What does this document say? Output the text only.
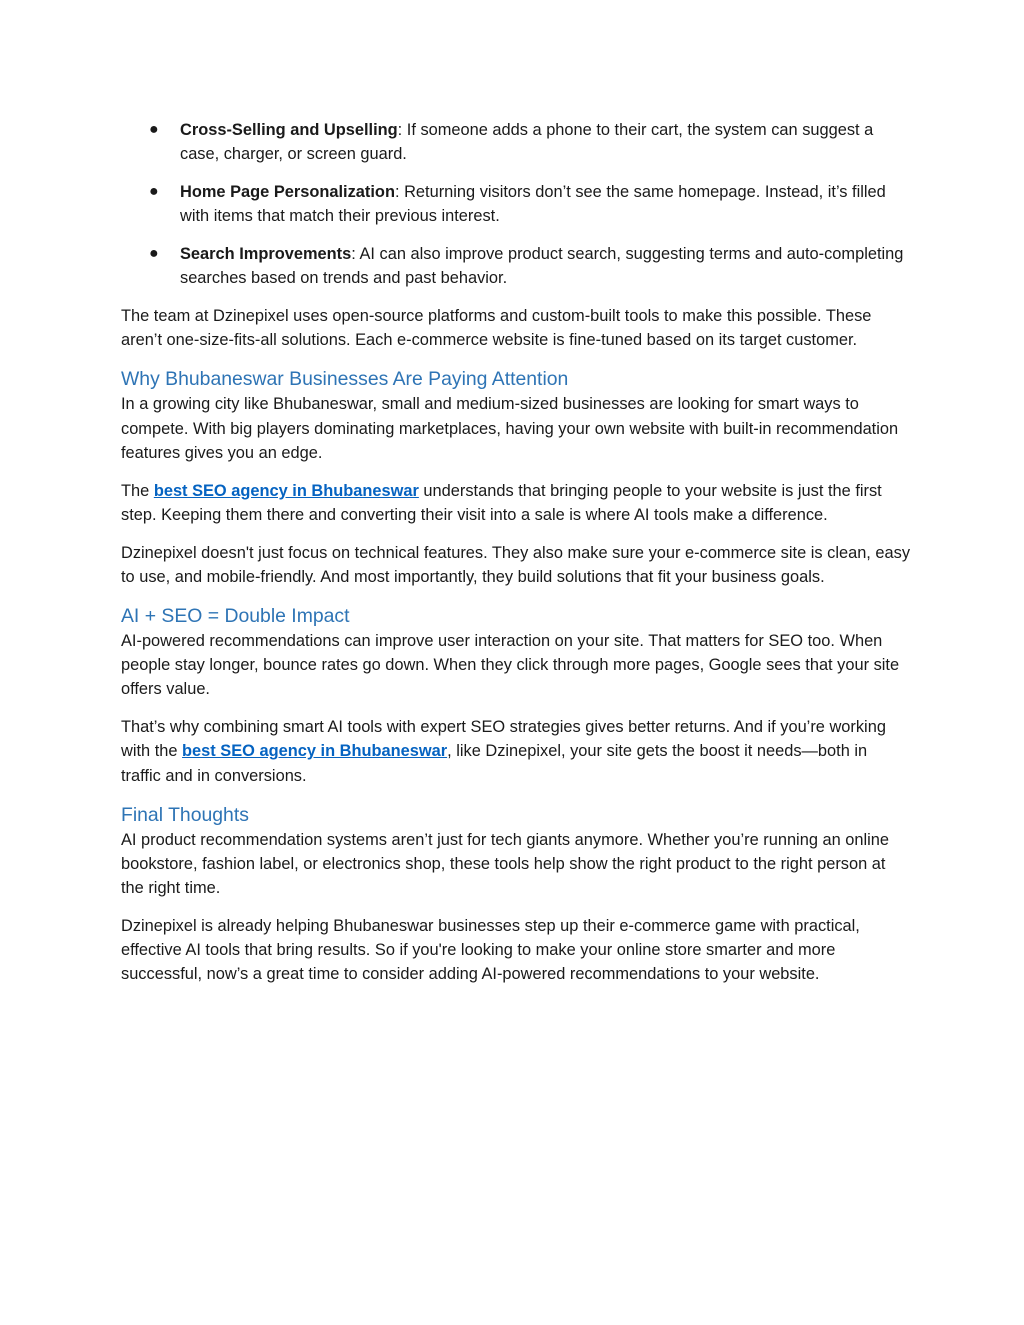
● Cross-Selling and Upselling: If someone adds a phone to their cart, the system can suggest a case, charger, or screen guard.
● Home Page Personalization: Returning visitors don’t see the same homepage. Instead, it’s filled with items that match their previous interest.
● Search Improvements: AI can also improve product search, suggesting terms and auto-completing searches based on trends and past behavior.

The team at Dzinepixel uses open-source platforms and custom-built tools to make this possible. These aren’t one-size-fits-all solutions. Each e-commerce website is fine-tuned based on its target customer.

Why Bhubaneswar Businesses Are Paying Attention

In a growing city like Bhubaneswar, small and medium-sized businesses are looking for smart ways to compete. With big players dominating marketplaces, having your own website with built-in recommendation features gives you an edge.

The best SEO agency in Bhubaneswar understands that bringing people to your website is just the first step. Keeping them there and converting their visit into a sale is where AI tools make a difference.

Dzinepixel doesn't just focus on technical features. They also make sure your e-commerce site is clean, easy to use, and mobile-friendly. And most importantly, they build solutions that fit your business goals.

AI + SEO = Double Impact

AI-powered recommendations can improve user interaction on your site. That matters for SEO too. When people stay longer, bounce rates go down. When they click through more pages, Google sees that your site offers value.

That’s why combining smart AI tools with expert SEO strategies gives better returns. And if you’re working with the best SEO agency in Bhubaneswar, like Dzinepixel, your site gets the boost it needs—both in traffic and in conversions.

Final Thoughts

AI product recommendation systems aren’t just for tech giants anymore. Whether you’re running an online bookstore, fashion label, or electronics shop, these tools help show the right product to the right person at the right time.

Dzinepixel is already helping Bhubaneswar businesses step up their e-commerce game with practical, effective AI tools that bring results. So if you're looking to make your online store smarter and more successful, now’s a great time to consider adding AI-powered recommendations to your website.
